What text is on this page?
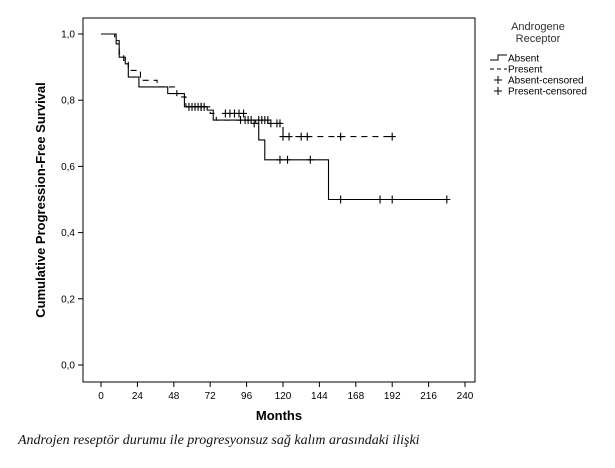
0	24	48	72	96 120 144 168 192 216 240
0,0
0,2
0,4
0,6
0,8
1,0
Months
Cumulative Progression-Free Survival
Androgene Receptor
Absent
Present
Absent-censored
Present-censored
Androjen reseptör durumu ile progresyonsuz sağ kalım arasındaki ilişki
